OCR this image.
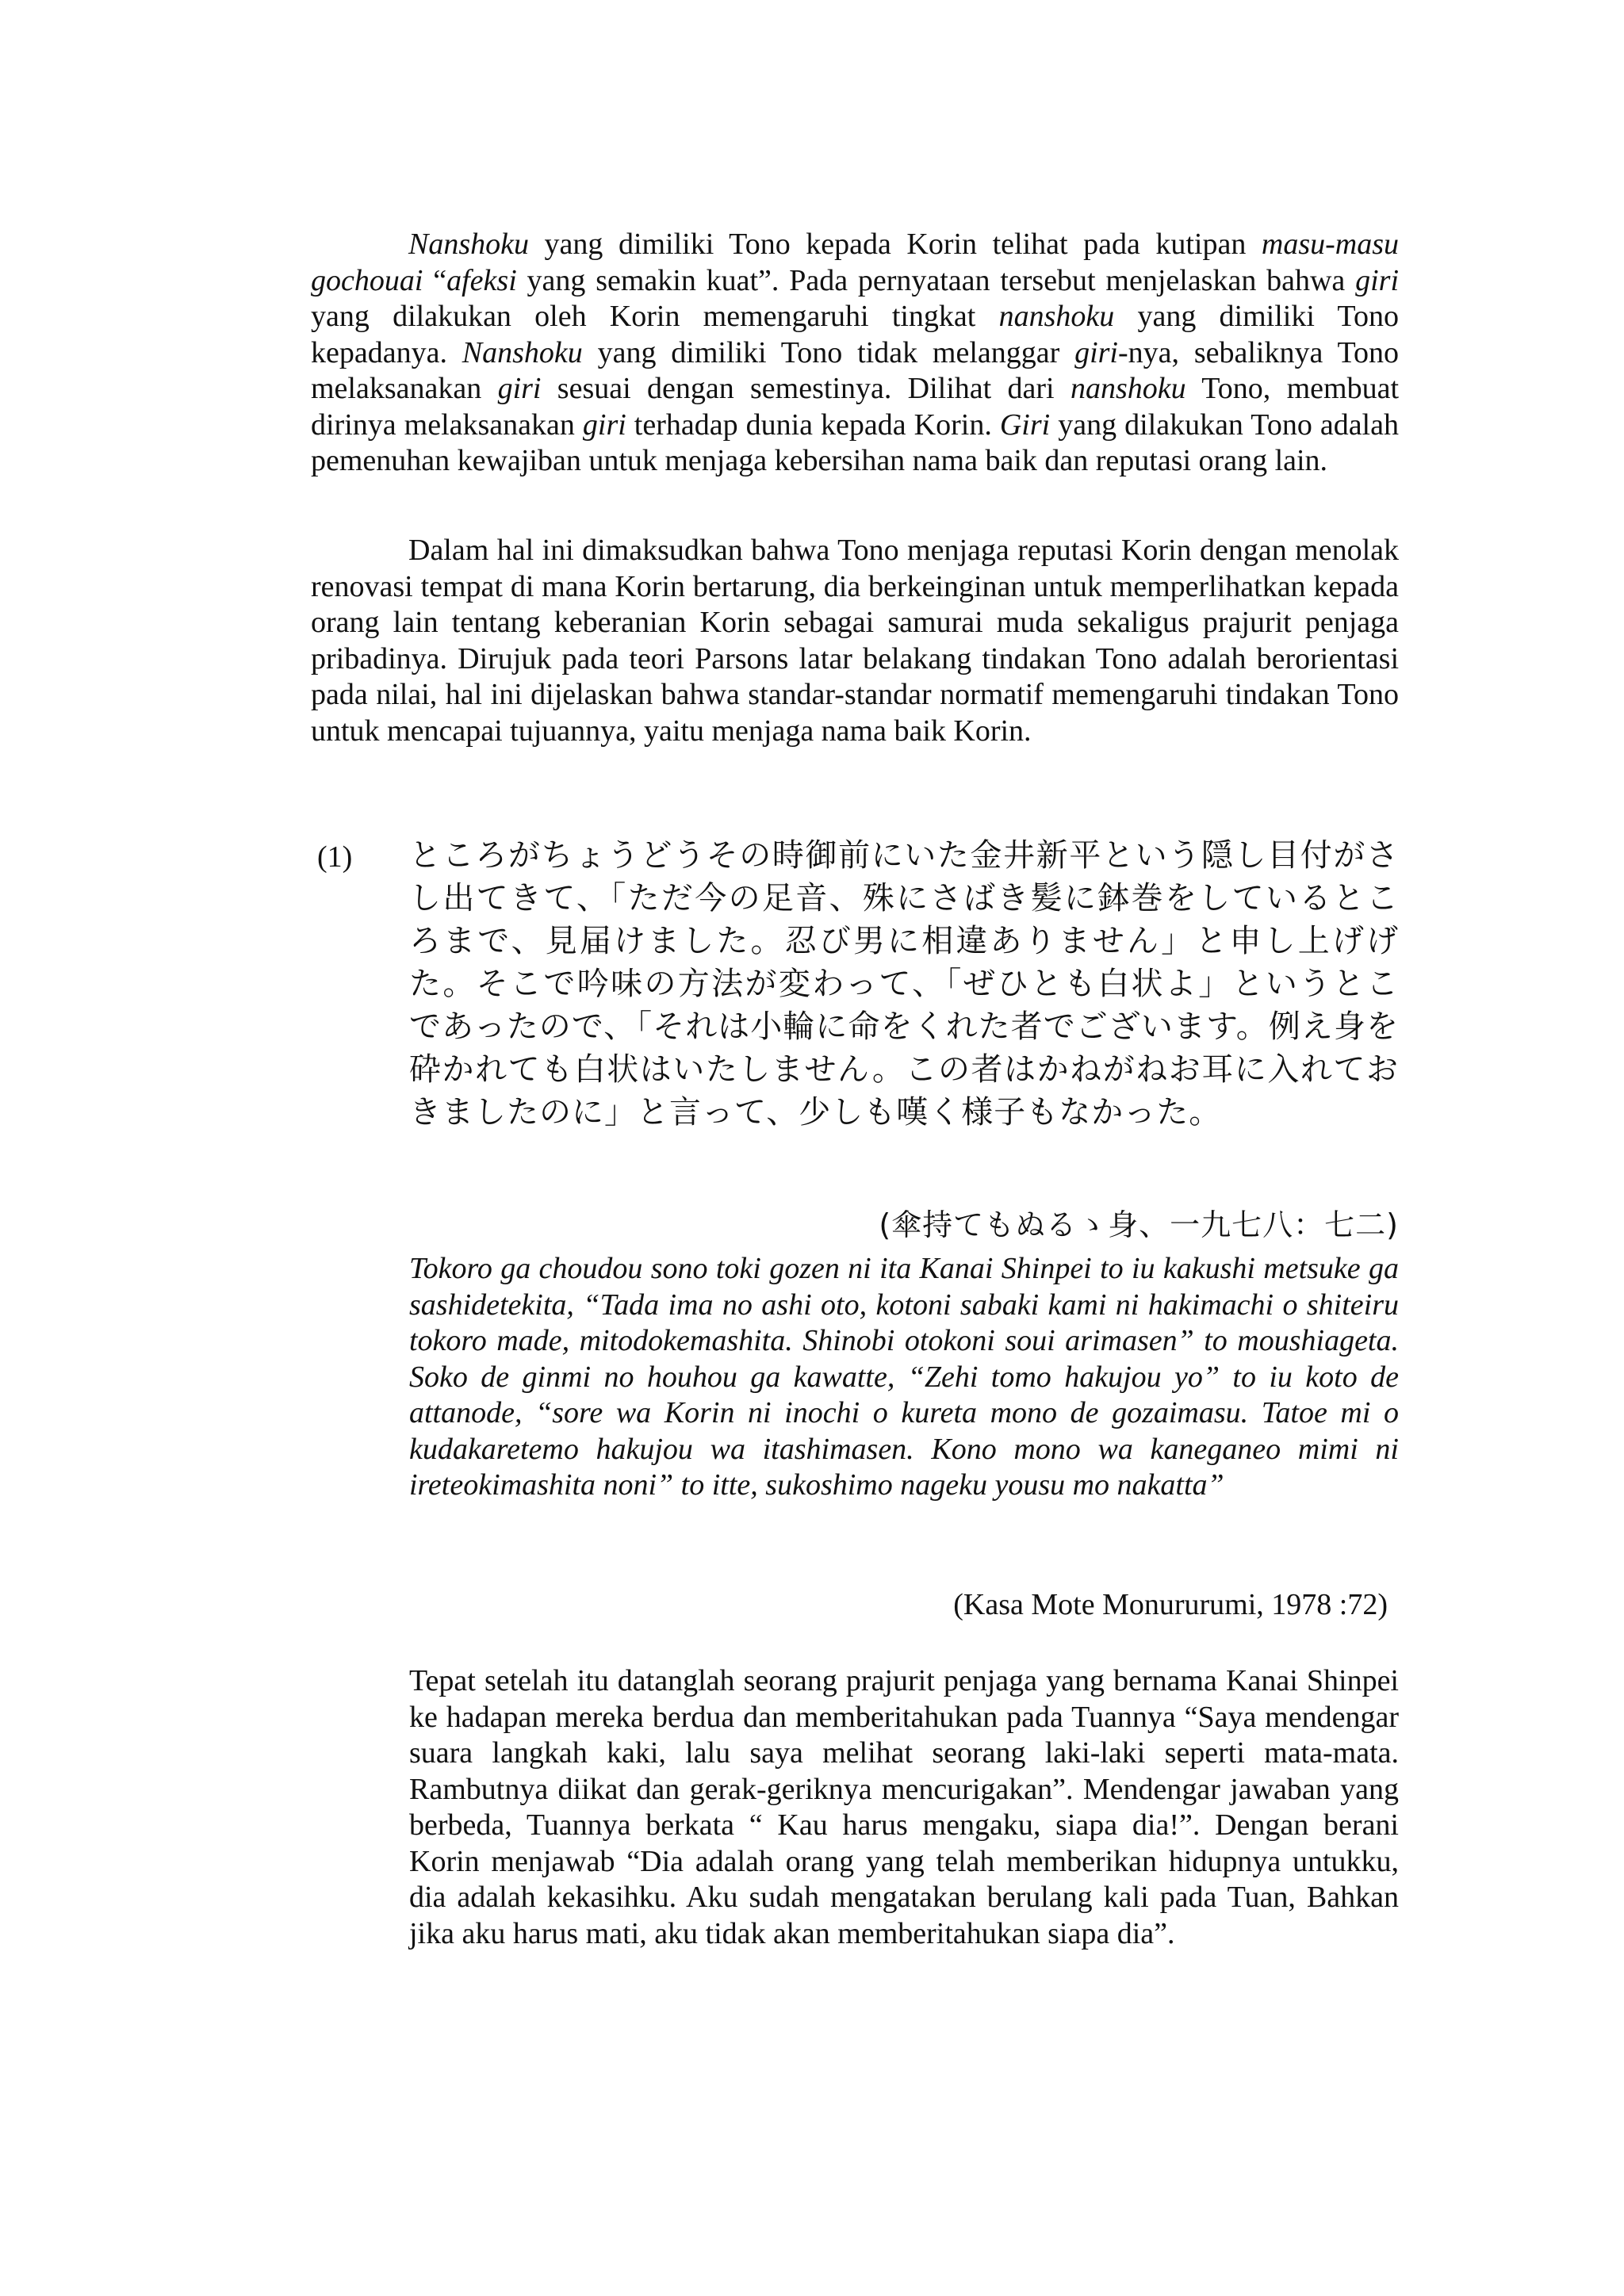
Nanshoku yang dimiliki Tono kepada Korin telihat pada kutipan masu-masu gochouai “afeksi yang semakin kuat”. Pada pernyataan tersebut menjelaskan bahwa giri yang dilakukan oleh Korin memengaruhi tingkat nanshoku yang dimiliki Tono kepadanya. Nanshoku yang dimiliki Tono tidak melanggar giri-nya, sebaliknya Tono melaksanakan giri sesuai dengan semestinya. Dilihat dari nanshoku Tono, membuat dirinya melaksanakan giri terhadap dunia kepada Korin. Giri yang dilakukan Tono adalah pemenuhan kewajiban untuk menjaga kebersihan nama baik dan reputasi orang lain.

Dalam hal ini dimaksudkan bahwa Tono menjaga reputasi Korin dengan menolak renovasi tempat di mana Korin bertarung, dia berkeinginan untuk memperlihatkan kepada orang lain tentang keberanian Korin sebagai samurai muda sekaligus prajurit penjaga pribadinya. Dirujuk pada teori Parsons latar belakang tindakan Tono adalah berorientasi pada nilai, hal ini dijelaskan bahwa standar-standar normatif memengaruhi tindakan Tono untuk mencapai tujuannya, yaitu menjaga nama baik Korin.

(1) ところがちょうどうその時御前にいた金井新平という隠し目付がさし出てきて、「ただ今の足音、殊にさばき髪に鉢巻をしているところまで、見届けました。忍び男に相違ありません」と申し上げげた。そこで吟味の方法が変わって、「ぜひとも白状よ」というとこであったので、「それは小輪に命をくれた者でございます。例え身を砕かれても白状はいたしません。この者はかねがねお耳に入れておきましたのに」と言って、少しも嘆く様子もなかった。

(傘持てもぬるゝ身、一九七八：七二)

Tokoro ga choudou sono toki gozen ni ita Kanai Shinpei to iu kakushi metsuke ga sashidetekita, “Tada ima no ashi oto, kotoni sabaki kami ni hakimachi o shiteiru tokoro made, mitodokemashita. Shinobi otokoni soui arimasen” to moushiageta. Soko de ginmi no houhou ga kawatte, “Zehi tomo hakujou yo” to iu koto de attanode, “sore wa Korin ni inochi o kureta mono de gozaimasu. Tatoe mi o kudakaretemo hakujou wa itashimasen. Kono mono wa kaneganeo mimi ni ireteokimashita noni” to itte, sukoshimo nageku yousu mo nakatta”

(Kasa Mote Monururumi, 1978 :72)

Tepat setelah itu datanglah seorang prajurit penjaga yang bernama Kanai Shinpei ke hadapan mereka berdua dan memberitahukan pada Tuannya “Saya mendengar suara langkah kaki, lalu saya melihat seorang laki-laki seperti mata-mata. Rambutnya diikat dan gerak-geriknya mencurigakan”. Mendengar jawaban yang berbeda, Tuannya berkata “ Kau harus mengaku, siapa dia!”. Dengan berani Korin menjawab “Dia adalah orang yang telah memberikan hidupnya untukku, dia adalah kekasihku. Aku sudah mengatakan berulang kali pada Tuan, Bahkan jika aku harus mati, aku tidak akan memberitahukan siapa dia”.
